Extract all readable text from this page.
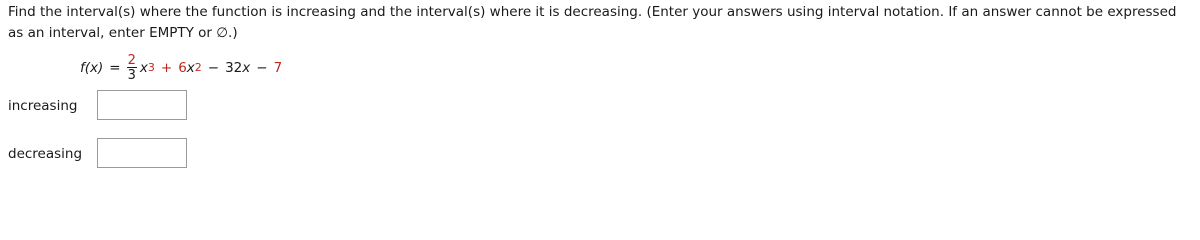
Find the interval(s) where the function is increasing and the interval(s) where it is decreasing. (Enter your answers using interval notation. If an answer cannot be expressed as an interval, enter EMPTY or ∅.)

$f(x) = \frac{2}{3}$ x 3 + 6 x 2 − 32 x − 7
increasing
decreasing
